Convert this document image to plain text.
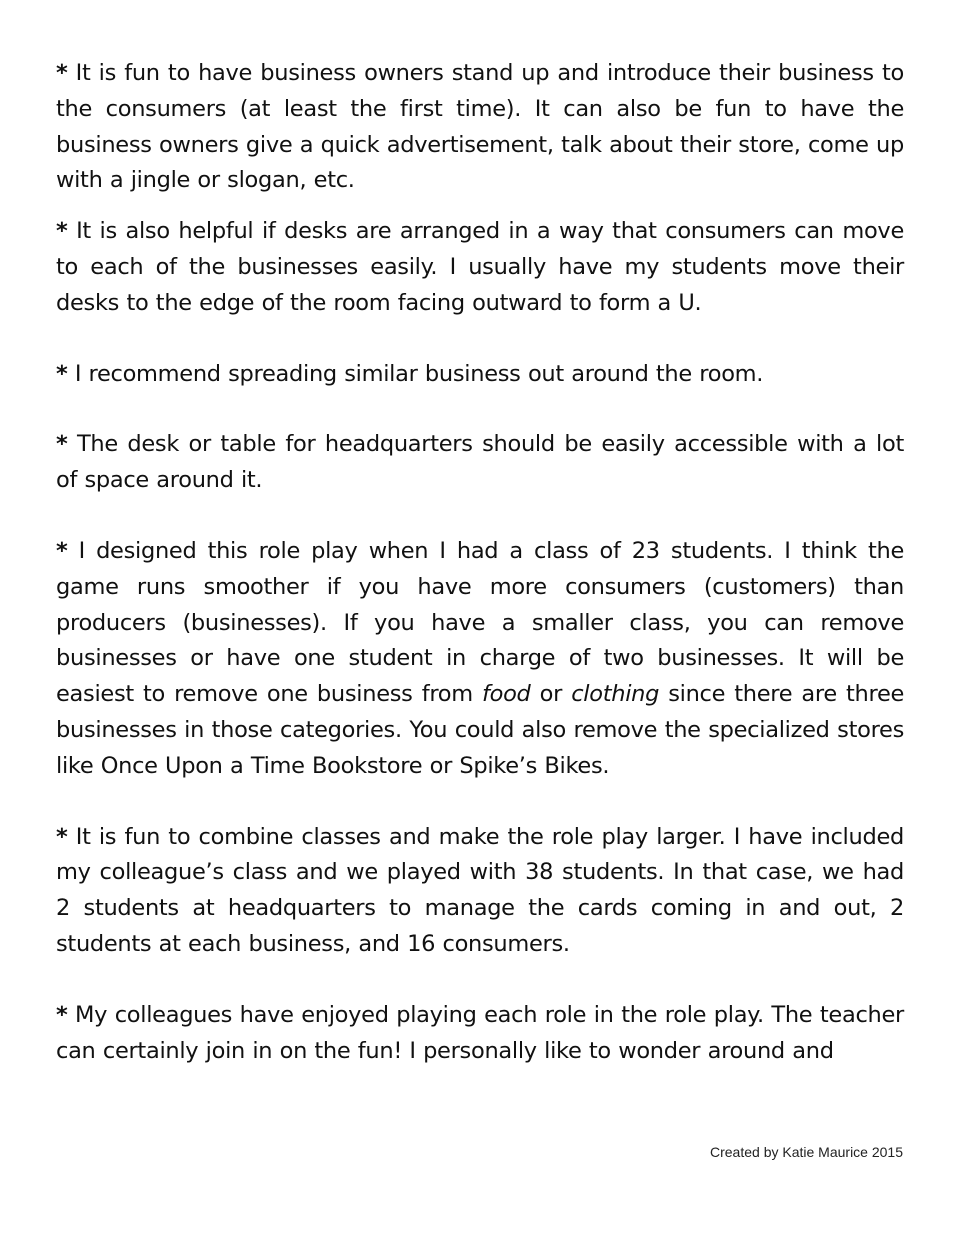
* It is fun to have business owners stand up and introduce their business to the consumers (at least the first time). It can also be fun to have the business owners give a quick advertisement, talk about their store, come up with a jingle or slogan, etc.

* It is also helpful if desks are arranged in a way that consumers can move to each of the businesses easily. I usually have my students move their desks to the edge of the room facing outward to form a U.

* I recommend spreading similar business out around the room.

* The desk or table for headquarters should be easily accessible with a lot of space around it.

* I designed this role play when I had a class of 23 students. I think the game runs smoother if you have more consumers (customers) than producers (businesses). If you have a smaller class, you can remove businesses or have one student in charge of two businesses. It will be easiest to remove one business from food or clothing since there are three businesses in those categories. You could also remove the specialized stores like Once Upon a Time Bookstore or Spike’s Bikes.

* It is fun to combine classes and make the role play larger. I have included my colleague’s class and we played with 38 students. In that case, we had 2 students at headquarters to manage the cards coming in and out, 2 students at each business, and 16 consumers.

* My colleagues have enjoyed playing each role in the role play. The teacher can certainly join in on the fun! I personally like to wonder around and

Created by Katie Maurice 2015
